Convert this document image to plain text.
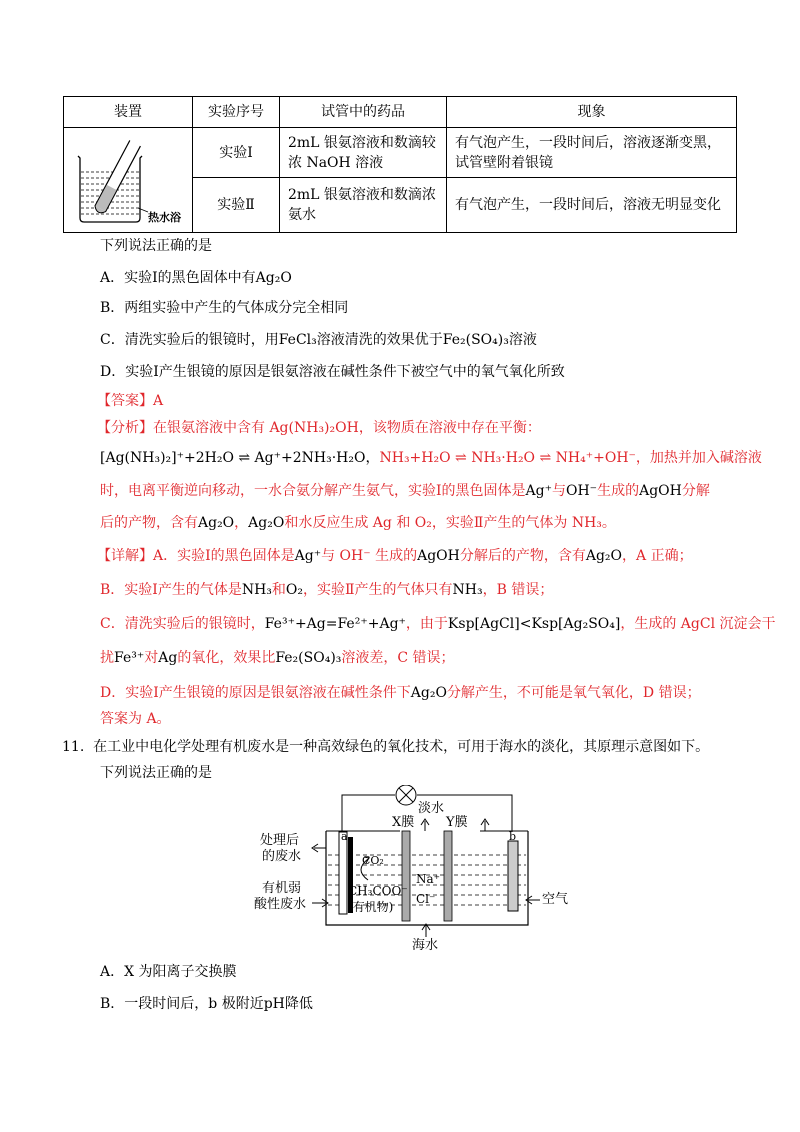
装置	实验序号	试管中的药品	现象

热水浴	实验Ⅰ	2mL 银氨溶液和数滴较浓 NaOH 溶液	有气泡产生，一段时间后，溶液逐渐变黑，试管壁附着银镜
	实验Ⅱ	2mL 银氨溶液和数滴浓氨水	有气泡产生，一段时间后，溶液无明显变化
下列说法正确的是
A．实验Ⅰ的黑色固体中有Ag₂O
B．两组实验中产生的气体成分完全相同
C．清洗实验后的银镜时，用FeCl₃溶液清洗的效果优于Fe₂(SO₄)₃溶液
D．实验Ⅰ产生银镜的原因是银氨溶液在碱性条件下被空气中的氧气氧化所致
【答案】A
【分析】在银氨溶液中含有 Ag(NH₃)₂OH，该物质在溶液中存在平衡：
[Ag(NH₃)₂]⁺+2H₂O ⇌ Ag⁺+2NH₃·H₂O，NH₃+H₂O ⇌ NH₃·H₂O ⇌ NH₄⁺+OH⁻，加热并加入碱溶液
时，电离平衡逆向移动，一水合氨分解产生氨气，实验Ⅰ的黑色固体是Ag⁺与OH⁻生成的AgOH分解
后的产物，含有Ag₂O，Ag₂O和水反应生成 Ag 和 O₂，实验Ⅱ产生的气体为 NH₃。
【详解】A．实验Ⅰ的黑色固体是Ag⁺与 OH⁻ 生成的AgOH分解后的产物，含有Ag₂O，A 正确；
B．实验Ⅰ产生的气体是NH₃和O₂，实验Ⅱ产生的气体只有NH₃，B 错误；
C．清洗实验后的银镜时，Fe³⁺+Ag=Fe²⁺+Ag⁺，由于Ksp[AgCl]<Ksp[Ag₂SO₄]，生成的 AgCl 沉淀会干
扰Fe³⁺对Ag的氧化，效果比Fe₂(SO₄)₃溶液差，C 错误；
D．实验Ⅰ产生银镜的原因是银氨溶液在碱性条件下Ag₂O分解产生，不可能是氧气氧化，D 错误；
答案为 A。
11. 在工业中电化学处理有机废水是一种高效绿色的氧化技术，可用于海水的淡化，其原理示意图如下。
下列说法正确的是
淡水
X膜 Y膜
a	b
处理后
的废水	CO₂
有机弱
酸性废水
CH₃COO⁻
(有机物)
Na⁺
Cl⁻	空气
海水
A．X 为阳离子交换膜
B．一段时间后，b 极附近pH降低
